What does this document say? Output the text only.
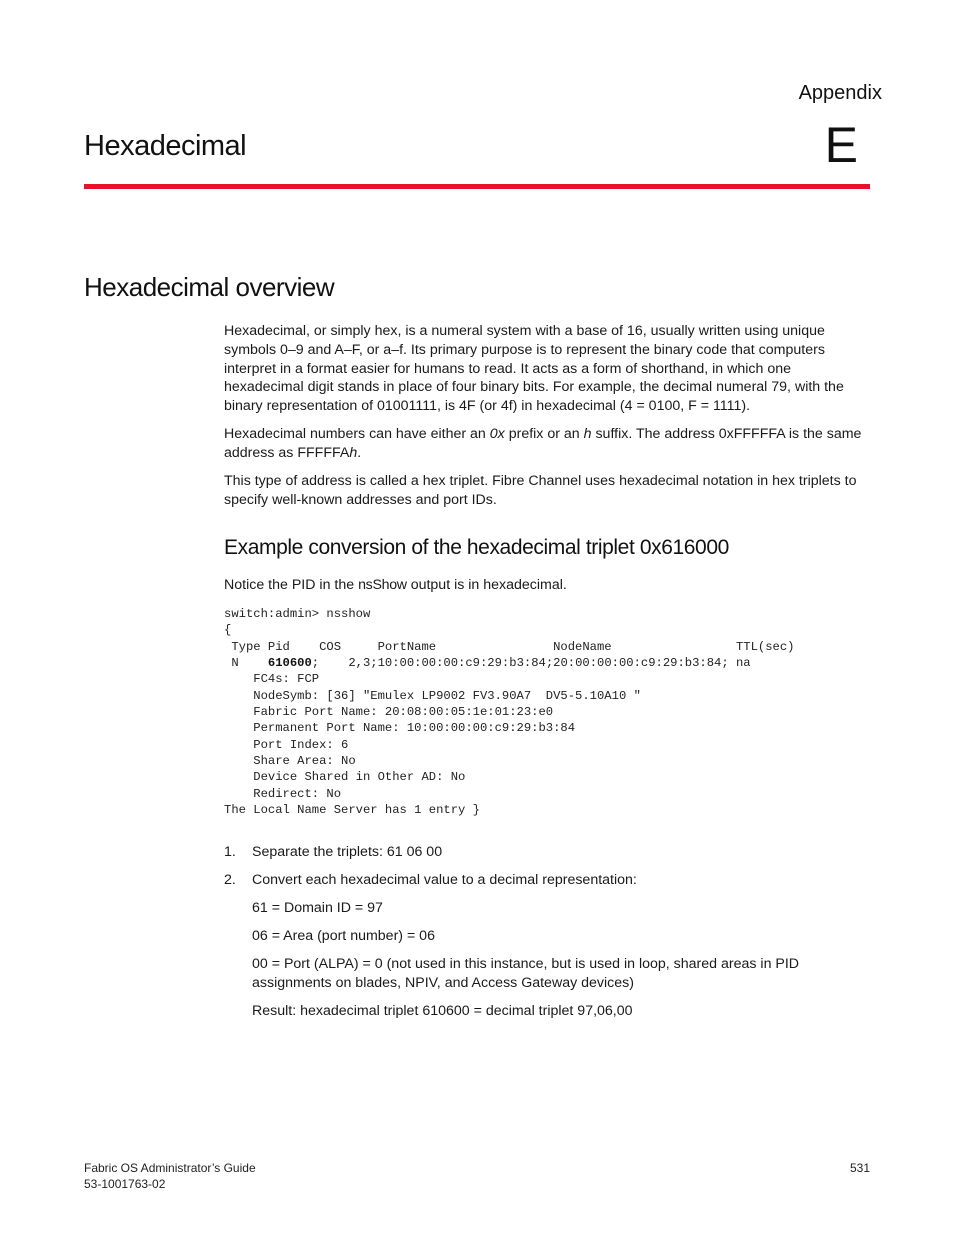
Appendix
E
Hexadecimal
Hexadecimal overview

Hexadecimal, or simply hex, is a numeral system with a base of 16, usually written using unique symbols 0–9 and A–F, or a–f. Its primary purpose is to represent the binary code that computers interpret in a format easier for humans to read. It acts as a form of shorthand, in which one hexadecimal digit stands in place of four binary bits. For example, the decimal numeral 79, with the binary representation of 01001111, is 4F (or 4f) in hexadecimal (4 = 0100, F = 1111).

Hexadecimal numbers can have either an 0x prefix or an h suffix. The address 0xFFFFFA is the same address as FFFFFAh.

This type of address is called a hex triplet. Fibre Channel uses hexadecimal notation in hex triplets to specify well-known addresses and port IDs.

Example conversion of the hexadecimal triplet 0x616000

Notice the PID in the nsShow output is in hexadecimal.

switch:admin> nsshow
{
Type Pid    COS     PortName                NodeName                 TTL(sec)
N    610600;    2,3;10:00:00:00:c9:29:b3:84;20:00:00:00:c9:29:b3:84; na
FC4s: FCP
NodeSymb: [36] "Emulex LP9002 FV3.90A7  DV5-5.10A10 "
Fabric Port Name: 20:08:00:05:1e:01:23:e0
Permanent Port Name: 10:00:00:00:c9:29:b3:84
Port Index: 6
Share Area: No
Device Shared in Other AD: No
Redirect: No
The Local Name Server has 1 entry }
1. Separate the triplets: 61 06 00
2. Convert each hexadecimal value to a decimal representation:
61 = Domain ID = 97
06 = Area (port number) = 06
00 = Port (ALPA) = 0 (not used in this instance, but is used in loop, shared areas in PID assignments on blades, NPIV, and Access Gateway devices)
Result: hexadecimal triplet 610600 = decimal triplet 97,06,00
Fabric OS Administrator’s Guide
53-1001763-02
531
